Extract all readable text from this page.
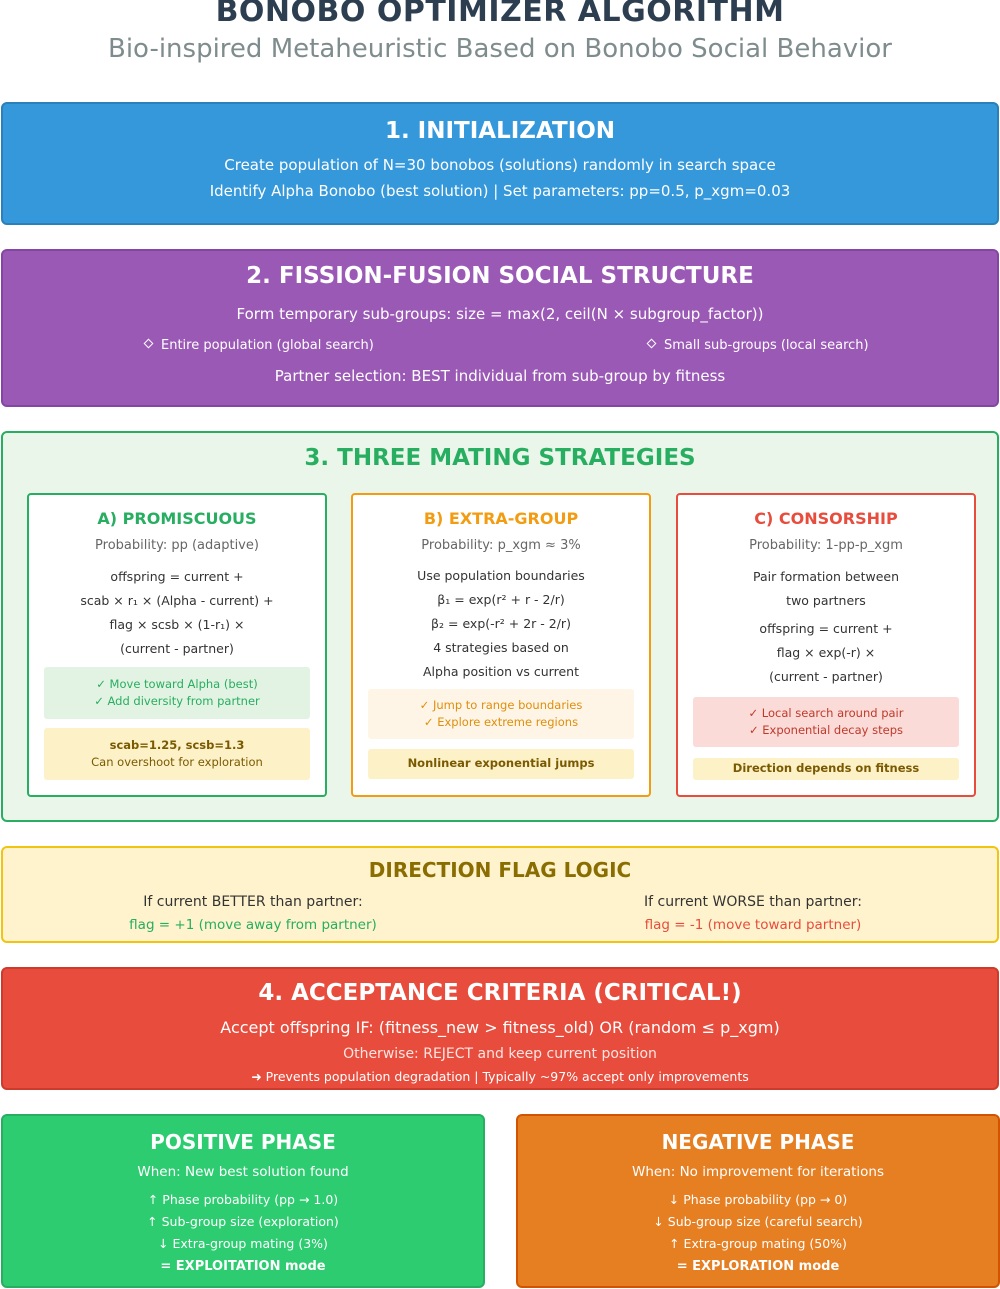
BONOBO OPTIMIZER ALGORITHM
Bio-inspired Metaheuristic Based on Bonobo Social Behavior
1. INITIALIZATION
Create population of N=30 bonobos (solutions) randomly in search space
Identify Alpha Bonobo (best solution) | Set parameters: pp=0.5, p_xgm=0.03
2. FISSION-FUSION SOCIAL STRUCTURE
Form temporary sub-groups: size = max(2, ceil(N × subgroup_factor))
Entire population (global search)	Small sub-groups (local search)
Partner selection: BEST individual from sub-group by fitness
3. THREE MATING STRATEGIES
A) PROMISCUOUS
Probability: pp (adaptive)
offspring = current +
scab × r₁ × (Alpha - current) +
flag × scsb × (1-r₁) ×
(current - partner)
✓ Move toward Alpha (best)
✓ Add diversity from partner
scab=1.25, scsb=1.3
Can overshoot for exploration
B) EXTRA-GROUP
Probability: p_xgm ≈ 3%
Use population boundaries
β₁ = exp(r² + r - 2/r)
β₂ = exp(-r² + 2r - 2/r)
4 strategies based on
Alpha position vs current
✓ Jump to range boundaries
✓ Explore extreme regions
Nonlinear exponential jumps
C) CONSORSHIP
Probability: 1-pp-p_xgm
Pair formation between
two partners
offspring = current +
flag × exp(-r) ×
(current - partner)
✓ Local search around pair
✓ Exponential decay steps
Direction depends on fitness
DIRECTION FLAG LOGIC
If current BETTER than partner:
flag = +1 (move away from partner)
If current WORSE than partner:
flag = -1 (move toward partner)
4. ACCEPTANCE CRITERIA (CRITICAL!)
Accept offspring IF: (fitness_new > fitness_old) OR (random ≤ p_xgm)
Otherwise: REJECT and keep current position
➜ Prevents population degradation | Typically ~97% accept only improvements
POSITIVE PHASE
When: New best solution found
↑ Phase probability (pp → 1.0)
↑ Sub-group size (exploration)
↓ Extra-group mating (3%)
= EXPLOITATION mode
NEGATIVE PHASE
When: No improvement for iterations
↓ Phase probability (pp → 0)
↓ Sub-group size (careful search)
↑ Extra-group mating (50%)
= EXPLORATION mode
